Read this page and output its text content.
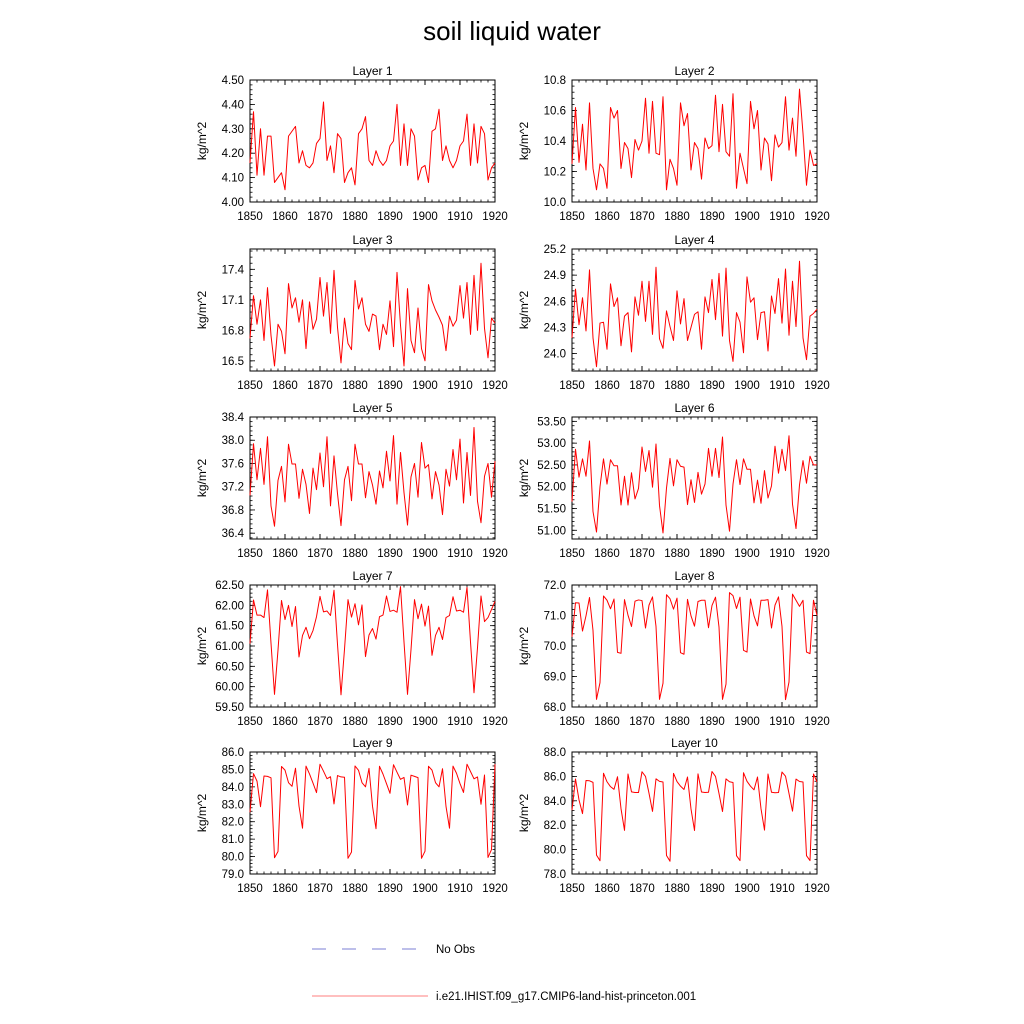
soil liquid water
Layer 1
1850 1860 1870 1880 1890 1900 1910 1920
4.00
4.10
4.20
4.30
4.40
4.50
kg/m^2
Layer 2
1850 1860 1870 1880 1890 1900 1910 1920
10.0
10.2
10.4
10.6
10.8
kg/m^2
Layer 3
1850 1860 1870 1880 1890 1900 1910 1920
16.5
16.8
17.1
17.4
kg/m^2
Layer 4
1850 1860 1870 1880 1890 1900 1910 1920
24.0
24.3
24.6
24.9
25.2
kg/m^2
Layer 5
1850 1860 1870 1880 1890 1900 1910 1920
36.4
36.8
37.2
37.6
38.0
38.4
kg/m^2
Layer 6
1850 1860 1870 1880 1890 1900 1910 1920
51.00
51.50
52.00
52.50
53.00
53.50
kg/m^2
Layer 7
1850 1860 1870 1880 1890 1900 1910 1920
59.50
60.00
60.50
61.00
61.50
62.00
62.50
kg/m^2
Layer 8
1850 1860 1870 1880 1890 1900 1910 1920
68.0
69.0
70.0
71.0
72.0
kg/m^2
Layer 9
1850 1860 1870 1880 1890 1900 1910 1920
79.0
80.0
81.0
82.0
83.0
84.0
85.0
86.0
kg/m^2
Layer 10
1850 1860 1870 1880 1890 1900 1910 1920
78.0
80.0
82.0
84.0
86.0
88.0
kg/m^2
No Obs
i.e21.IHIST.f09_g17.CMIP6-land-hist-princeton.001
